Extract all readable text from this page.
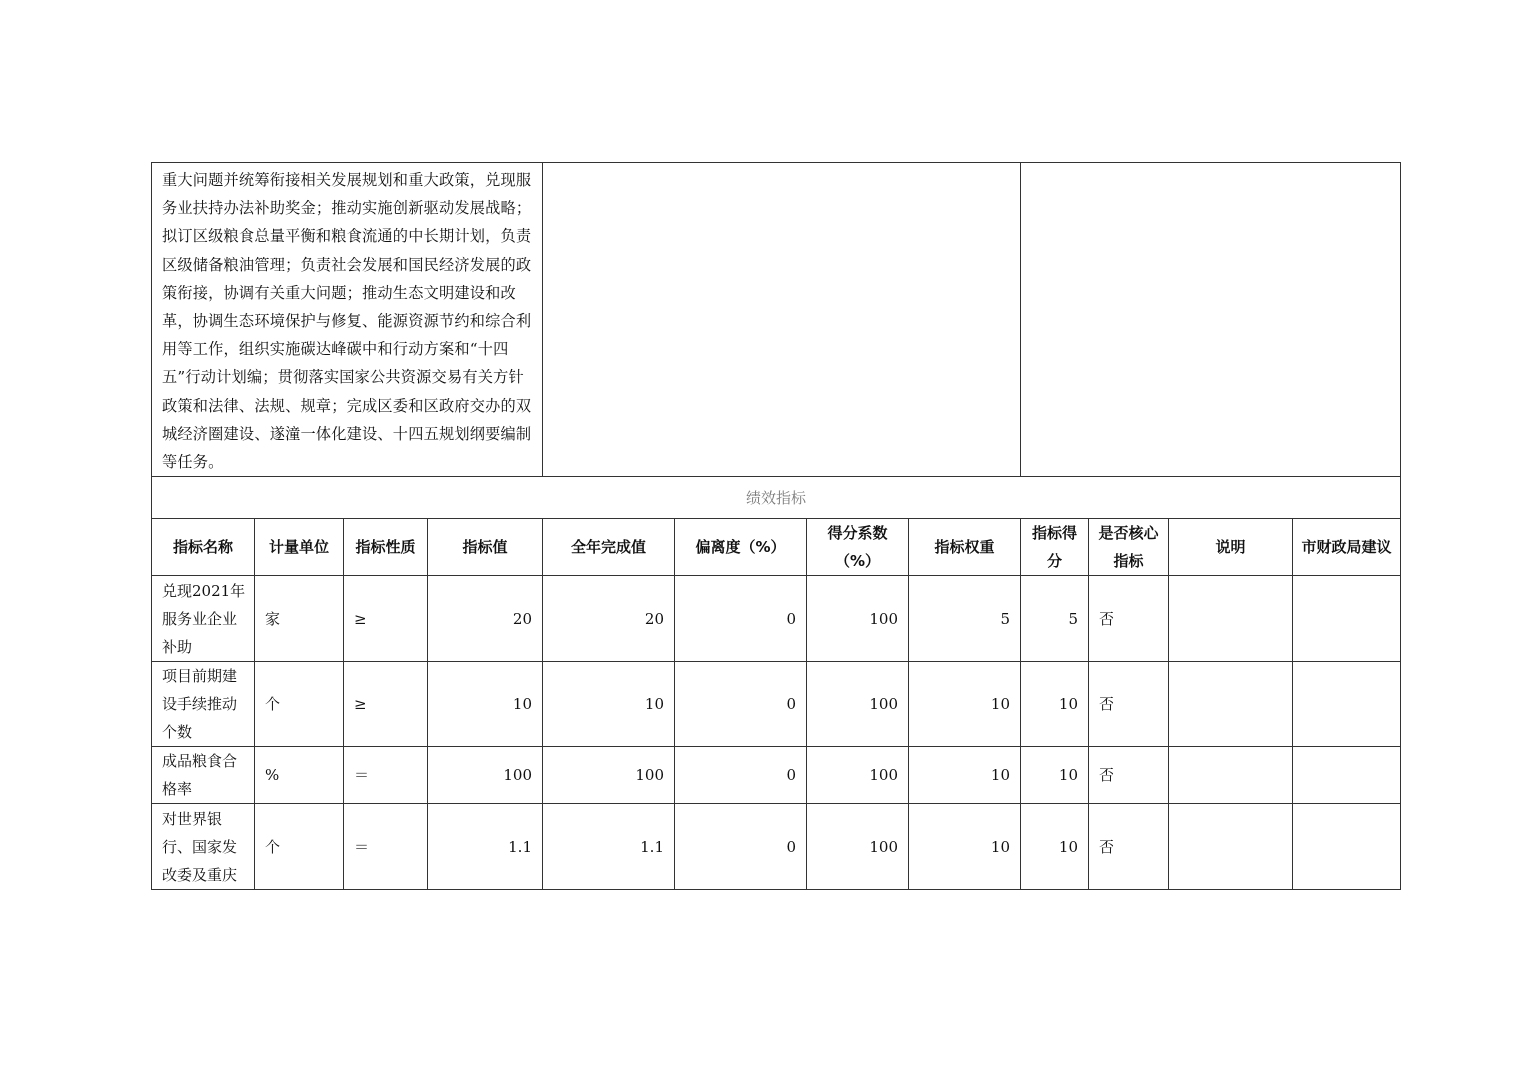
重大问题并统筹衔接相关发展规划和重大政策，兑现服务业扶持办法补助奖金；推动实施创新驱动发展战略；拟订区级粮食总量平衡和粮食流通的中长期计划，负责区级储备粮油管理；负责社会发展和国民经济发展的政策衔接，协调有关重大问题；推动生态文明建设和改革，协调生态环境保护与修复、能源资源节约和综合利用等工作，组织实施碳达峰碳中和行动方案和“十四五”行动计划编；贯彻落实国家公共资源交易有关方针政策和法律、法规、规章；完成区委和区政府交办的双城经济圈建设、遂潼一体化建设、十四五规划纲要编制等任务。											
绩效指标											
指标名称	计量单位	指标性质	指标值	全年完成值	偏离度（%）	得分系数（%）	指标权重	指标得分	是否核心指标	说明	市财政局建议
兑现2021年服务业企业补助	家	≥	20	20	0	100	5	5	否		
项目前期建设手续推动个数	个	≥	10	10	0	100	10	10	否		
成品粮食合格率	%	＝	100	100	0	100	10	10	否		
对世界银行、国家发改委及重庆	个	＝	1.1	1.1	0	100	10	10	否		
